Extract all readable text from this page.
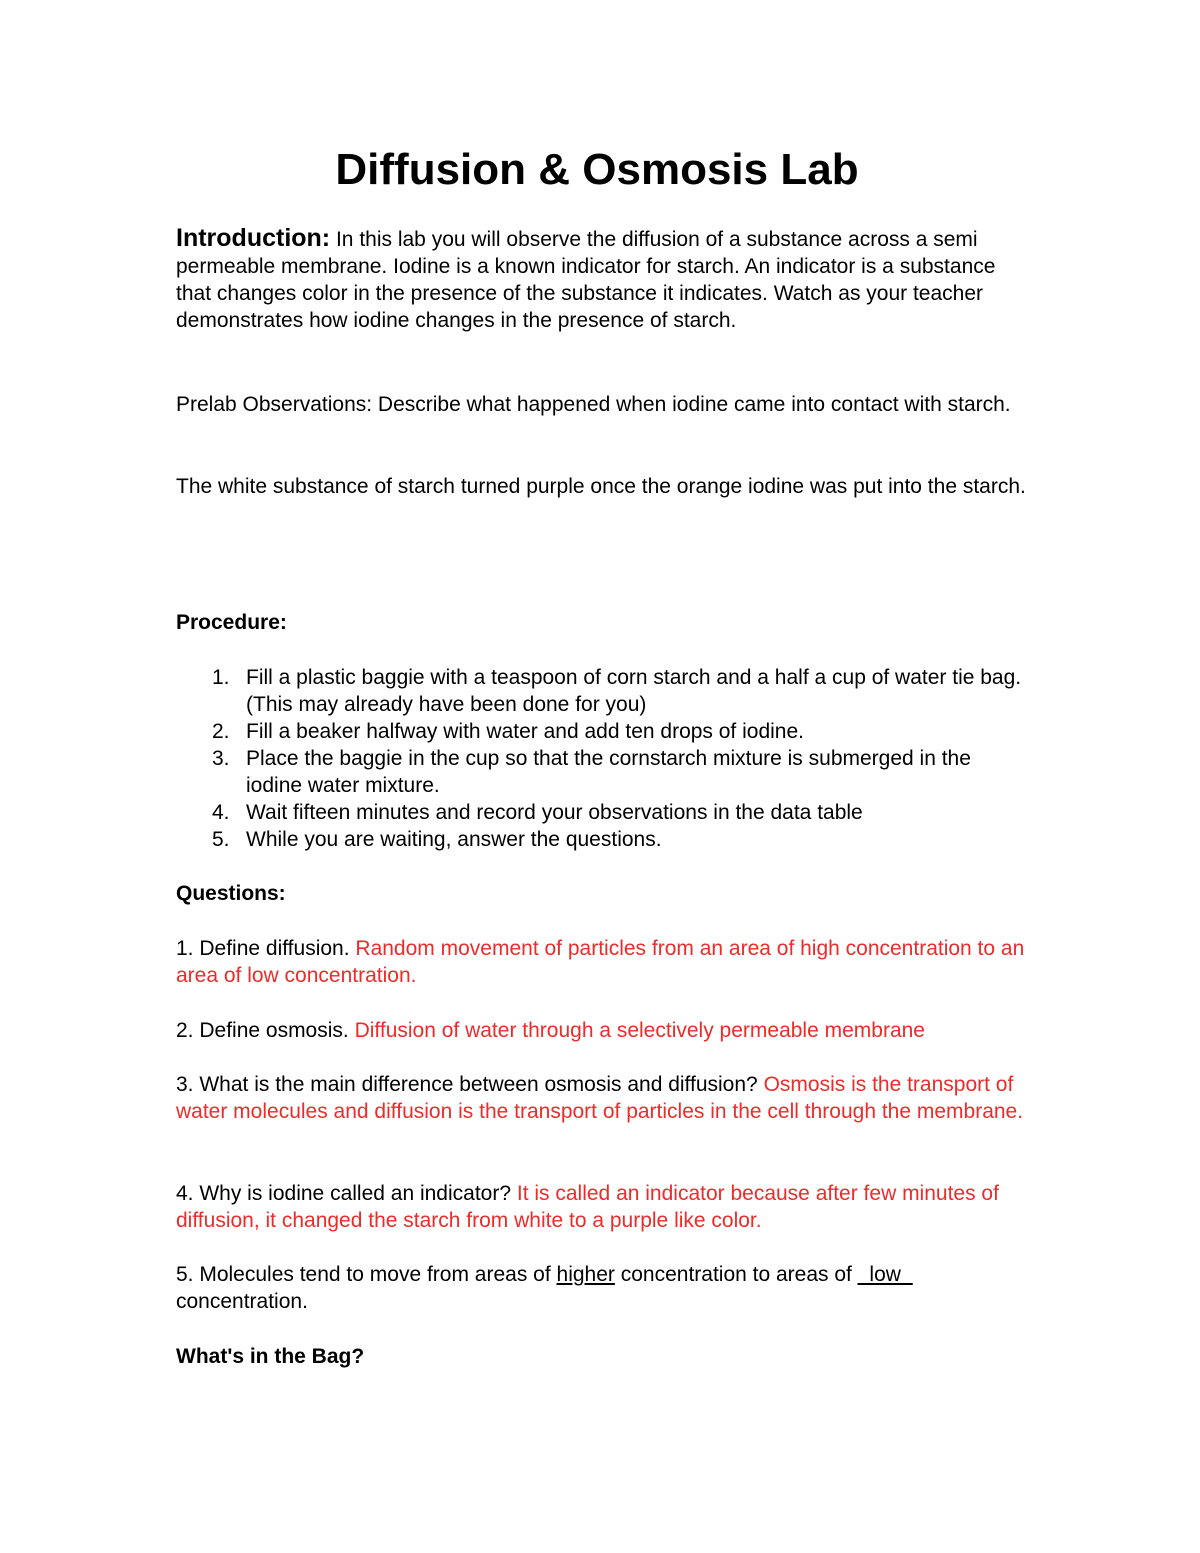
Diffusion & Osmosis Lab

Introduction: In this lab you will observe the diffusion of a substance across a semi permeable membrane. Iodine is a known indicator for starch. An indicator is a substance that changes color in the presence of the substance it indicates. Watch as your teacher demonstrates how iodine changes in the presence of starch.

Prelab Observations: Describe what happened when iodine came into contact with starch.

The white substance of starch turned purple once the orange iodine was put into the starch.

Procedure:

1. Fill a plastic baggie with a teaspoon of corn starch and a half a cup of water tie bag. (This may already have been done for you)
2. Fill a beaker halfway with water and add ten drops of iodine.
3. Place the baggie in the cup so that the cornstarch mixture is submerged in the iodine water mixture.
4. Wait fifteen minutes and record your observations in the data table
5. While you are waiting, answer the questions.

Questions:

1. Define diffusion. Random movement of particles from an area of high concentration to an area of low concentration.

2. Define osmosis. Diffusion of water through a selectively permeable membrane

3. What is the main difference between osmosis and diffusion? Osmosis is the transport of water molecules and diffusion is the transport of particles in the cell through the membrane.

4. Why is iodine called an indicator? It is called an indicator because after few minutes of diffusion, it changed the starch from white to a purple like color.

5. Molecules tend to move from areas of higher concentration to areas of _low_ concentration.

What's in the Bag?
